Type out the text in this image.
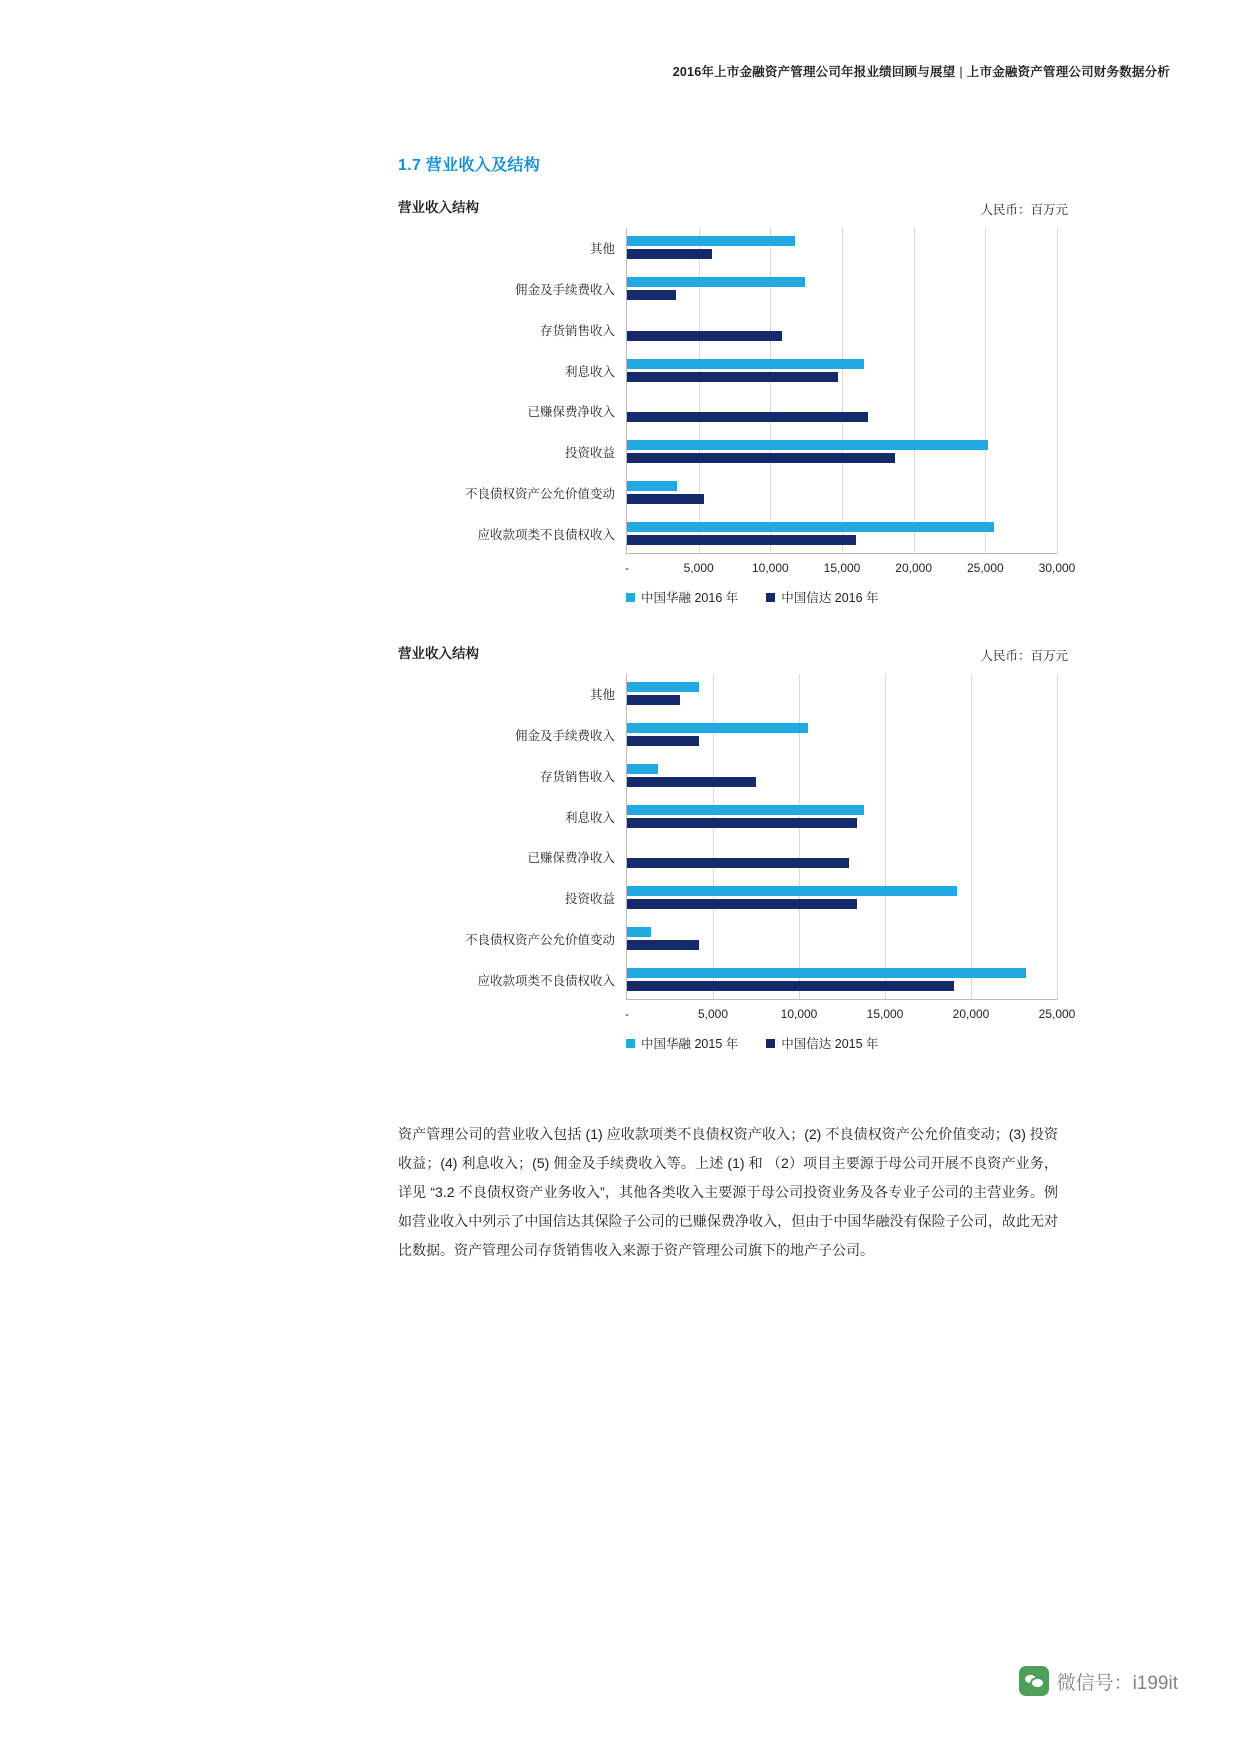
2016年上市金融资产管理公司年报业绩回顾与展望 | 上市金融资产管理公司财务数据分析
1.7 营业收入及结构
营业收入结构	人民币：百万元
-	5,000	10,000	15,000	20,000	25,000	30,000
其他
佣金及手续费收入
存货销售收入
利息收入
已赚保费净收入
投资收益
不良债权资产公允价值变动
应收款项类不良债权收入
中国华融 2016 年	中国信达 2016 年
营业收入结构	人民币：百万元
-	5,000	10,000	15,000	20,000	25,000
其他
佣金及手续费收入
存货销售收入
利息收入
已赚保费净收入
投资收益
不良债权资产公允价值变动
应收款项类不良债权收入
中国华融 2015 年	中国信达 2015 年
资产管理公司的营业收入包括 (1) 应收款项类不良债权资产收入；(2) 不良债权资产公允价值变动；(3) 投资收益；(4) 利息收入；(5) 佣金及手续费收入等。上述 (1) 和 （2）项目主要源于母公司开展不良资产业务，详见 “3.2 不良债权资产业务收入”，其他各类收入主要源于母公司投资业务及各专业子公司的主营业务。例如营业收入中列示了中国信达其保险子公司的已赚保费净收入，但由于中国华融没有保险子公司，故此无对比数据。资产管理公司存货销售收入来源于资产管理公司旗下的地产子公司。
微信号：i199it
